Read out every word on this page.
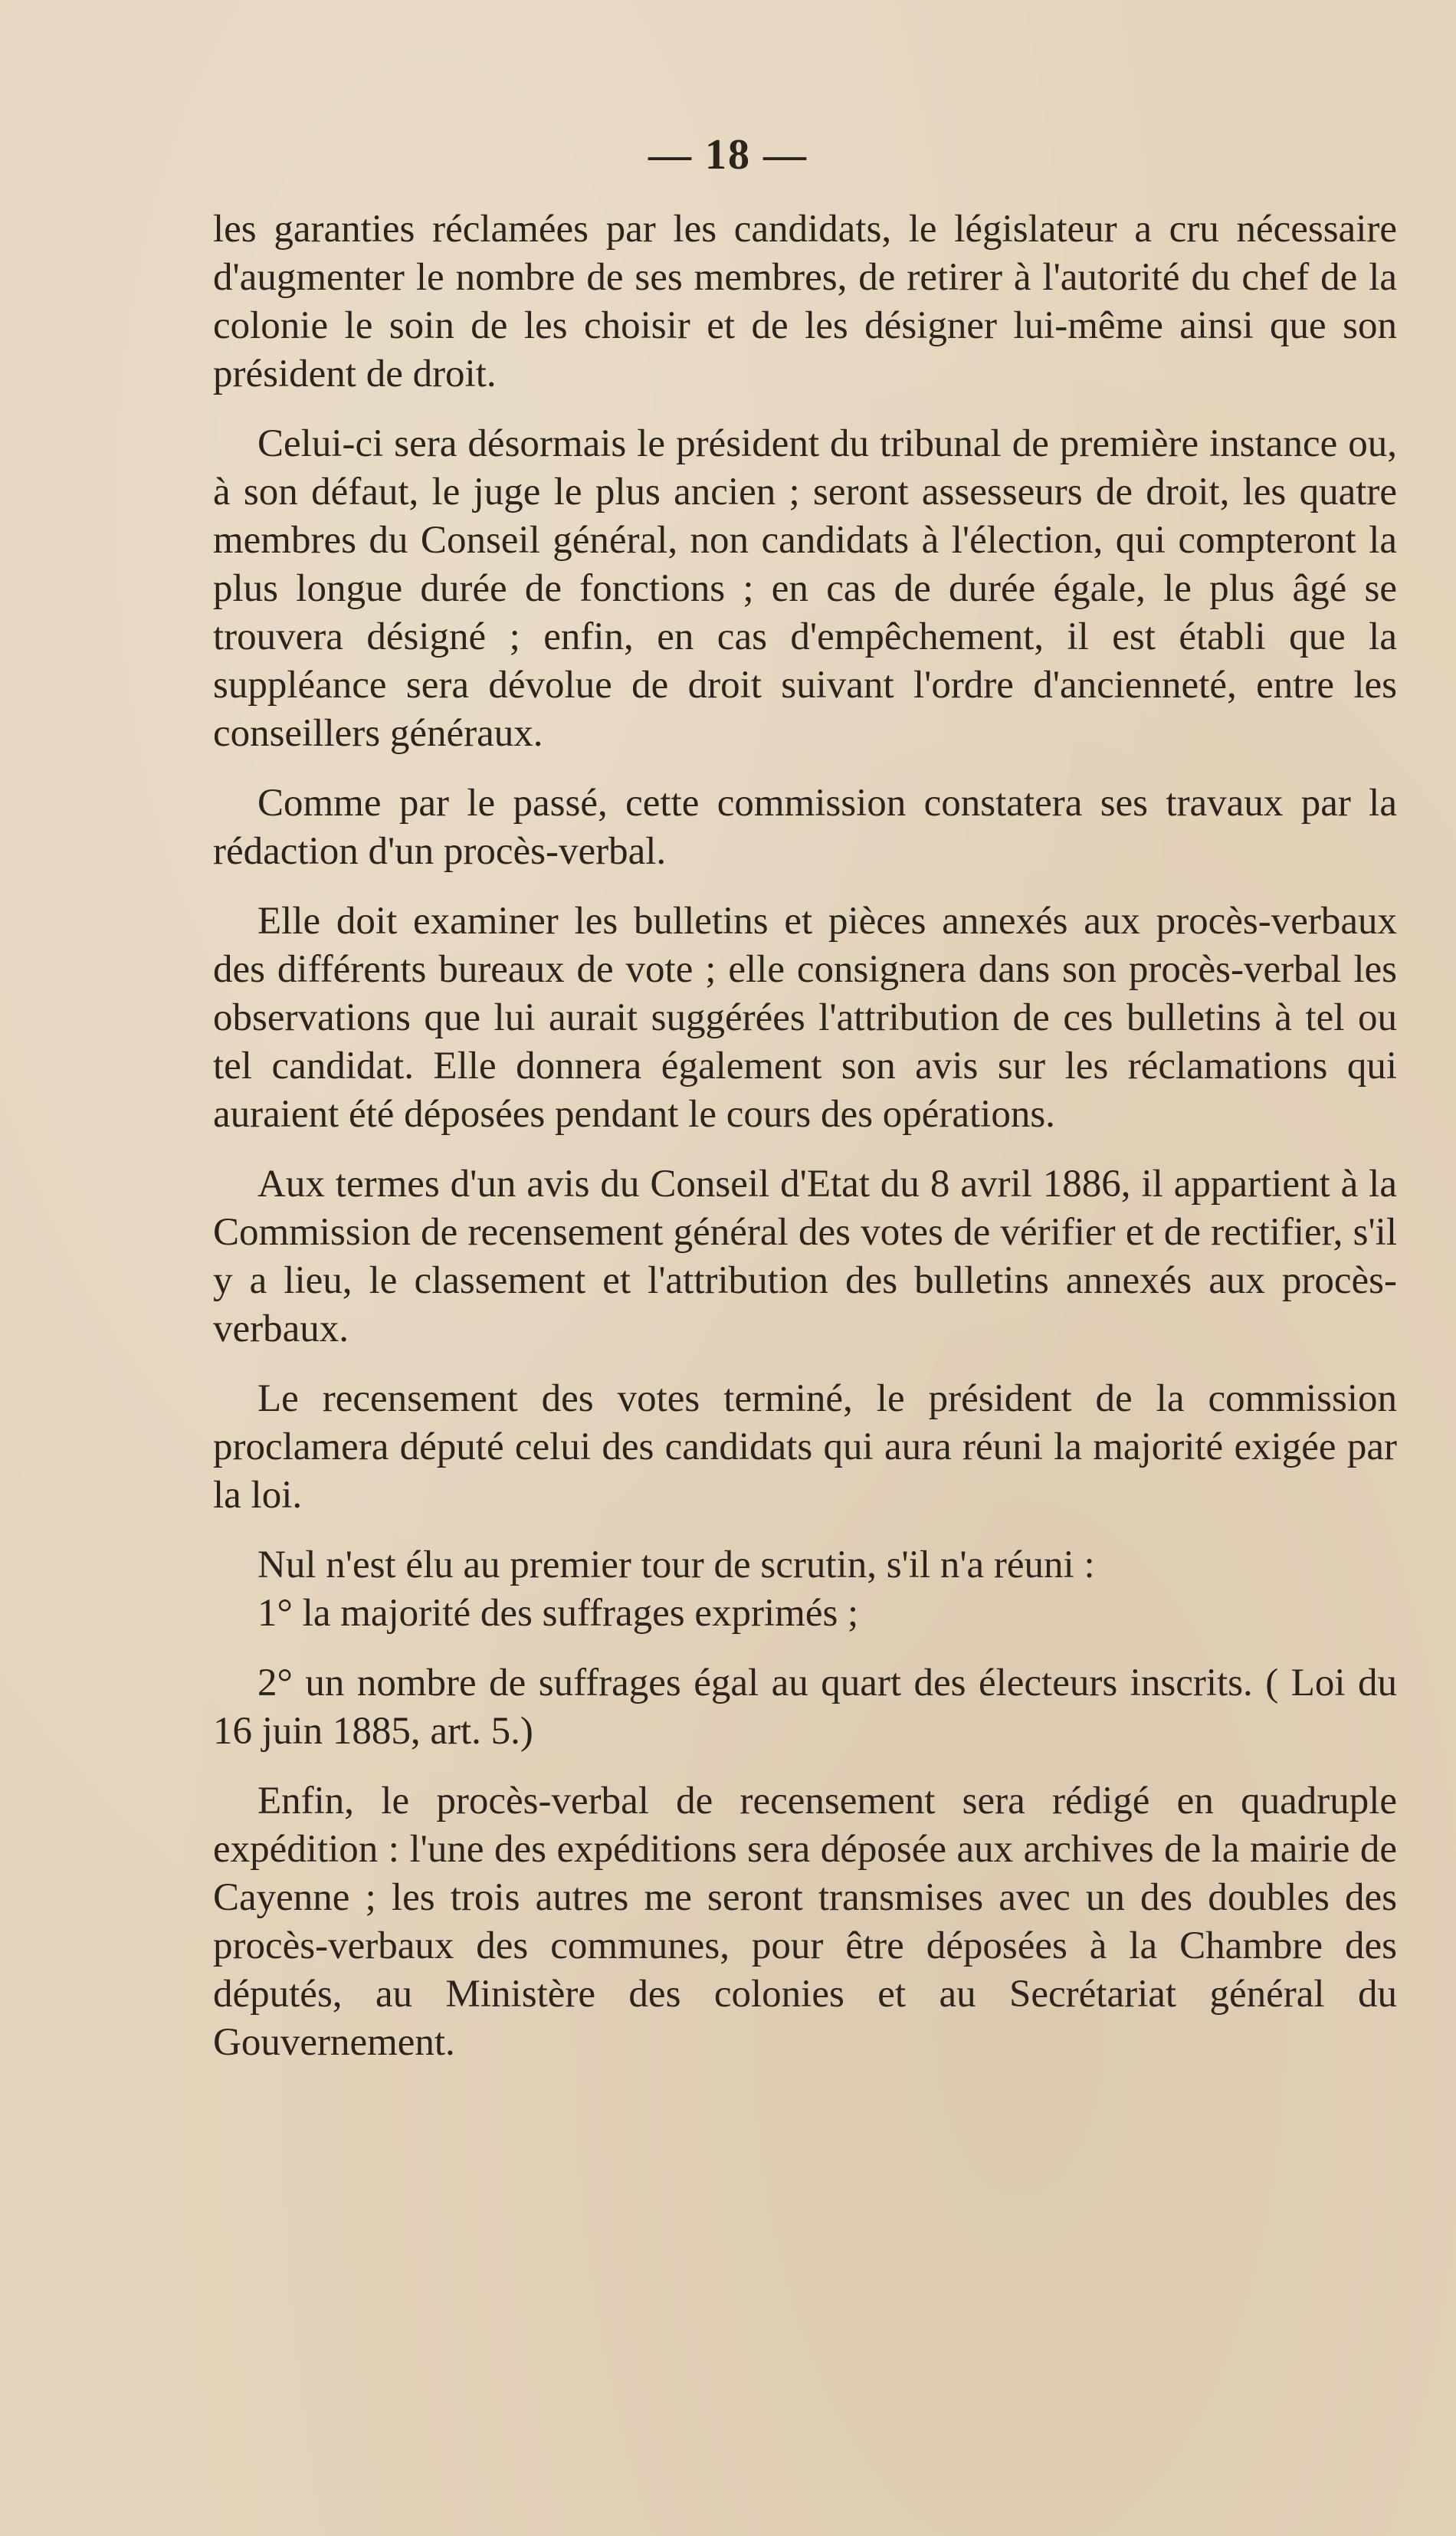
— 18 —

les garanties réclamées par les candidats, le législateur a cru nécessaire d'augmenter le nombre de ses membres, de retirer à l'autorité du chef de la colonie le soin de les choisir et de les désigner lui-même ainsi que son président de droit.

Celui-ci sera désormais le président du tribunal de première instance ou, à son défaut, le juge le plus ancien ; seront assesseurs de droit, les quatre membres du Conseil général, non candidats à l'élection, qui compteront la plus longue durée de fonctions ; en cas de durée égale, le plus âgé se trouvera désigné ; enfin, en cas d'empêchement, il est établi que la suppléance sera dévolue de droit suivant l'ordre d'ancienneté, entre les conseillers généraux.

Comme par le passé, cette commission constatera ses travaux par la rédaction d'un procès-verbal.

Elle doit examiner les bulletins et pièces annexés aux procès-verbaux des différents bureaux de vote ; elle consignera dans son procès-verbal les observations que lui aurait suggérées l'attribution de ces bulletins à tel ou tel candidat. Elle donnera également son avis sur les réclamations qui auraient été déposées pendant le cours des opérations.

Aux termes d'un avis du Conseil d'Etat du 8 avril 1886, il appartient à la Commission de recensement général des votes de vérifier et de rectifier, s'il y a lieu, le classement et l'attribution des bulletins annexés aux procès-verbaux.

Le recensement des votes terminé, le président de la commission proclamera député celui des candidats qui aura réuni la majorité exigée par la loi.

Nul n'est élu au premier tour de scrutin, s'il n'a réuni :

1° la majorité des suffrages exprimés ;

2° un nombre de suffrages égal au quart des électeurs inscrits. ( Loi du 16 juin 1885, art. 5.)

Enfin, le procès-verbal de recensement sera rédigé en quadruple expédition : l'une des expéditions sera déposée aux archives de la mairie de Cayenne ; les trois autres me seront transmises avec un des doubles des procès-verbaux des communes, pour être déposées à la Chambre des députés, au Ministère des colonies et au Secrétariat général du Gouvernement.
